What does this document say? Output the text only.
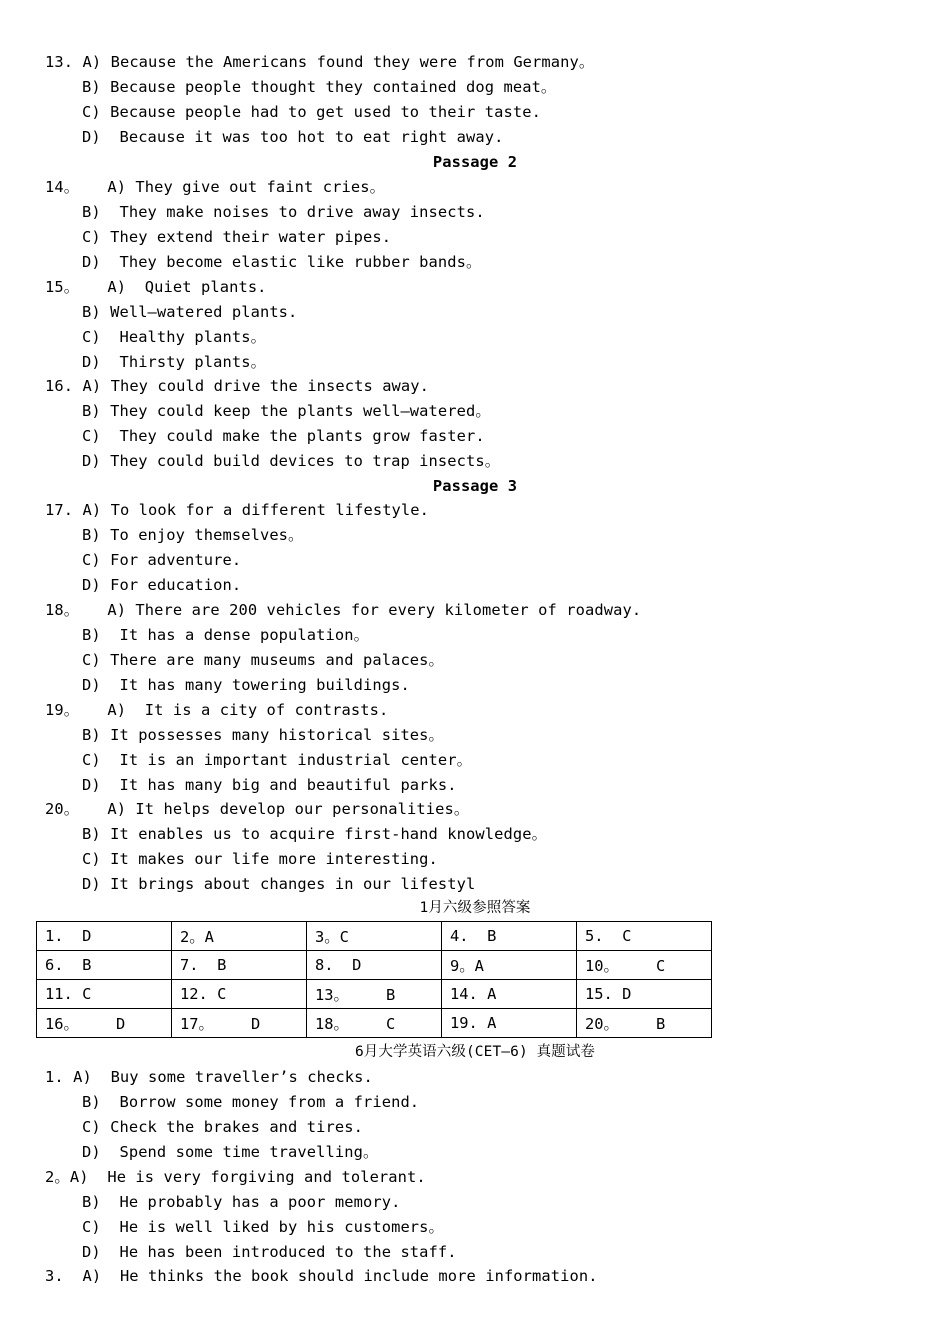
13. A) Because the Americans found they were from Germany。
B) Because people thought they contained dog meat。
C) Because people had to get used to their taste.
D)  Because it was too hot to eat right away.
Passage 2
14。   A) They give out faint cries。
B)  They make noises to drive away insects.
C) They extend their water pipes.
D)  They become elastic like rubber bands。
15。   A)  Quiet plants.
B) Well—watered plants.
C)  Healthy plants。
D)  Thirsty plants。
16. A) They could drive the insects away.
B) They could keep the plants well—watered。
C)  They could make the plants grow faster.
D) They could build devices to trap insects。
Passage 3
17. A) To look for a different lifestyle.
B) To enjoy themselves。
C) For adventure.
D) For education.
18。   A) There are 200 vehicles for every kilometer of roadway.
B)  It has a dense population。
C) There are many museums and palaces。
D)  It has many towering buildings.
19。   A)  It is a city of contrasts.
B) It possesses many historical sites。
C)  It is an important industrial center。
D)  It has many big and beautiful parks.
20。   A) It helps develop our personalities。
B) It enables us to acquire first-hand knowledge。
C) It makes our life more interesting.
D) It brings about changes in our lifestyl
1月六级参照答案
1.  D	2。A	3。C	4.  B	5.  C
6.  B	7.  B	8.  D	9。A	10。    C
11. C	12. C	13。    B	14. A	15. D
16。    D	17。    D	18。    C	19. A	20。    B
6月大学英语六级(CET—6) 真题试卷
1. A)  Buy some traveller’s checks.
B)  Borrow some money from a friend.
C) Check the brakes and tires.
D)  Spend some time travelling。
2。A)  He is very forgiving and tolerant.
B)  He probably has a poor memory.
C)  He is well liked by his customers。
D)  He has been introduced to the staff.
3.  A)  He thinks the book should include more information.
